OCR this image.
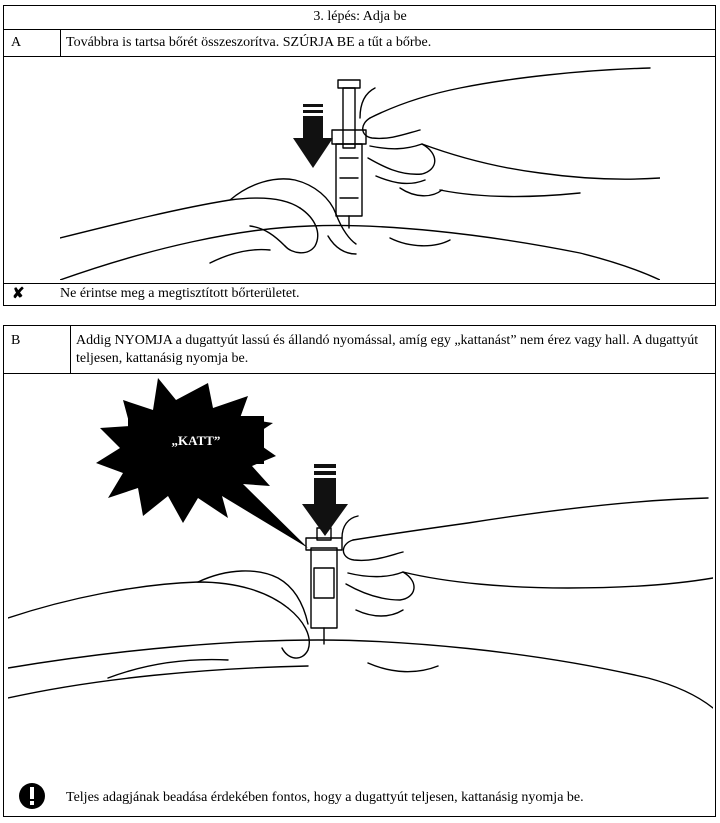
3. lépés: Adja be
A	Továbbra is tartsa bőrét összeszorítva. SZÚRJA BE a tűt a bőrbe.
✘	Ne érintse meg a megtisztított bőrterületet.
B	Addig NYOMJA a dugattyút lassú és állandó nyomással, amíg egy „kattanást” nem érez vagy hall. A dugattyút teljesen, kattanásig nyomja be.
„KATT”
Teljes adagjának beadása érdekében fontos, hogy a dugattyút teljesen, kattanásig nyomja be.
